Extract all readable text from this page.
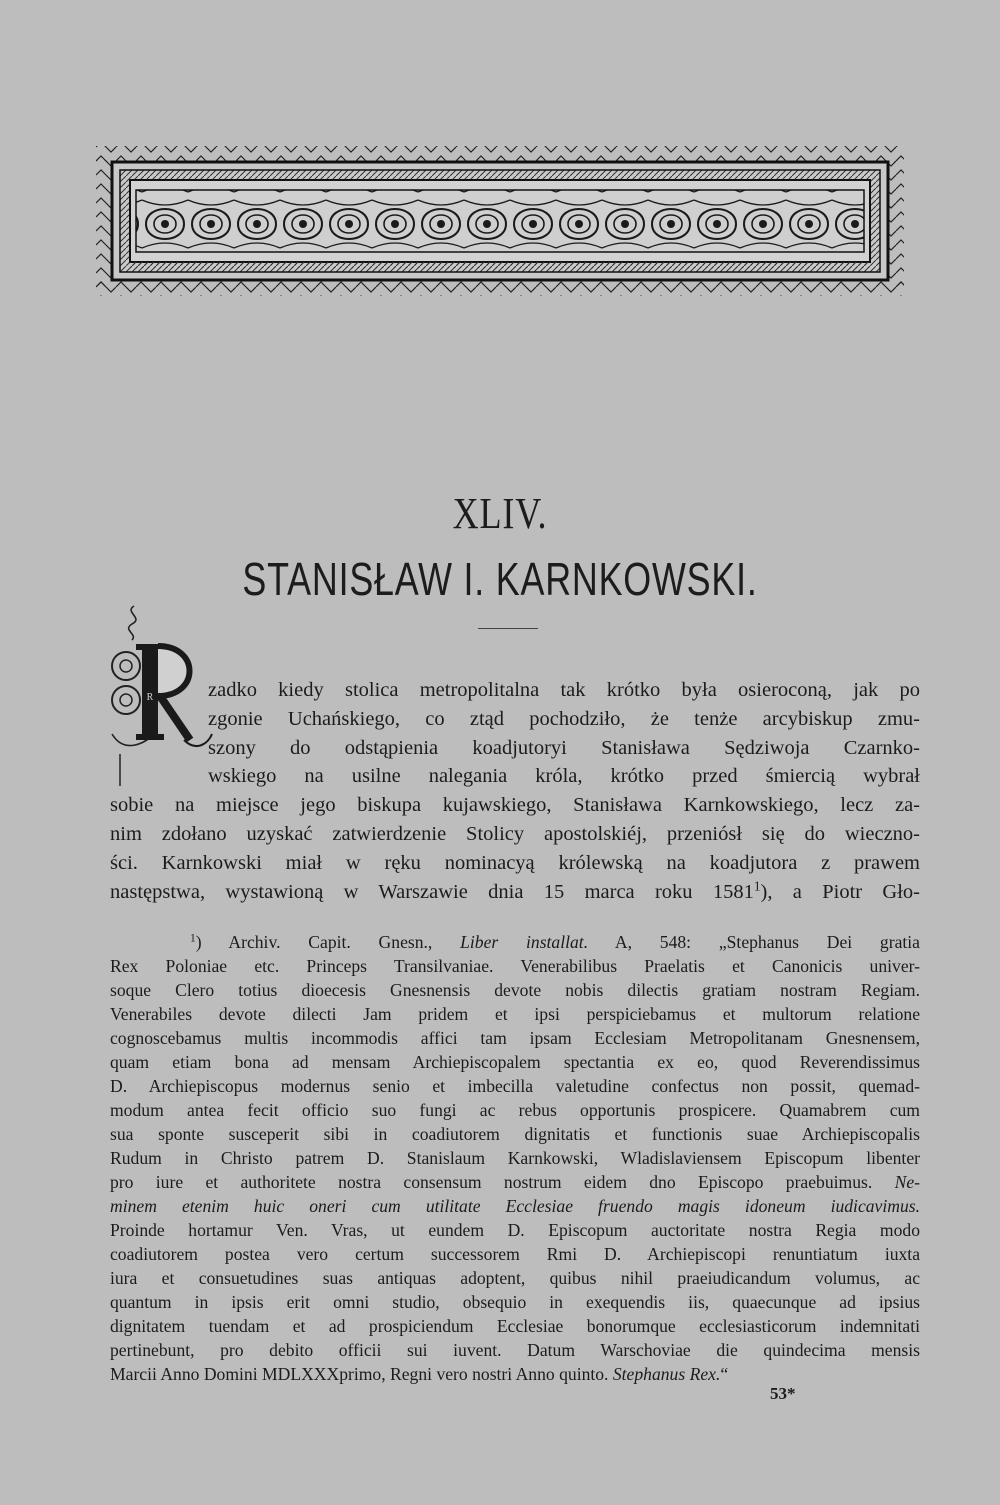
XLIV.
STANISŁAW I. KARNKOWSKI.
R	zadko kiedy stolica metropolitalna tak krótko była osieroconą, jak po
zgonie Uchańskiego, co ztąd pochodziło, że tenże arcybiskup zmu-
szony do odstąpienia koadjutoryi Stanisława Sędziwoja Czarnko-
wskiego na usilne nalegania króla, krótko przed śmiercią wybrał
sobie na miejsce jego biskupa kujawskiego, Stanisława Karnkowskiego, lecz za-
nim zdołano uzyskać zatwierdzenie Stolicy apostolskiéj, przeniósł się do wieczno-
ści. Karnkowski miał w ręku nominacyą królewską na koadjutora z prawem
następstwa, wystawioną w Warszawie dnia 15 marca roku 1581$^1$), a Piotr Gło-
$^1$) Archiv. Capit. Gnesn., Liber installat. A, 548: „Stephanus Dei gratia
Rex Poloniae etc. Princeps Transilvaniae. Venerabilibus Praelatis et Canonicis univer-
soque Clero totius dioecesis Gnesnensis devote nobis dilectis gratiam nostram Regiam.
Venerabiles devote dilecti Jam pridem et ipsi perspiciebamus et multorum relatione
cognoscebamus multis incommodis affici tam ipsam Ecclesiam Metropolitanam Gnesnensem,
quam etiam bona ad mensam Archiepiscopalem spectantia ex eo, quod Reverendissimus
D. Archiepiscopus modernus senio et imbecilla valetudine confectus non possit, quemad-
modum antea fecit officio suo fungi ac rebus opportunis prospicere. Quamabrem cum
sua sponte susceperit sibi in coadiutorem dignitatis et functionis suae Archiepiscopalis
Rudum in Christo patrem D. Stanislaum Karnkowski, Wladislaviensem Episcopum libenter
pro iure et authoritete nostra consensum nostrum eidem dno Episcopo praebuimus. Ne-
minem etenim huic oneri cum utilitate Ecclesiae fruendo magis idoneum iudicavimus.
Proinde hortamur Ven. Vras, ut eundem D. Episcopum auctoritate nostra Regia modo
coadiutorem postea vero certum successorem Rmi D. Archiepiscopi renuntiatum iuxta
iura et consuetudines suas antiquas adoptent, quibus nihil praeiudicandum volumus, ac
quantum in ipsis erit omni studio, obsequio in exequendis iis, quaecunque ad ipsius
dignitatem tuendam et ad prospiciendum Ecclesiae bonorumque ecclesiasticorum indemnitati
pertinebunt, pro debito officii sui iuvent. Datum Warschoviae die quindecima mensis
Marcii Anno Domini MDLXXXprimo, Regni vero nostri Anno quinto. Stephanus Rex.“
53*
